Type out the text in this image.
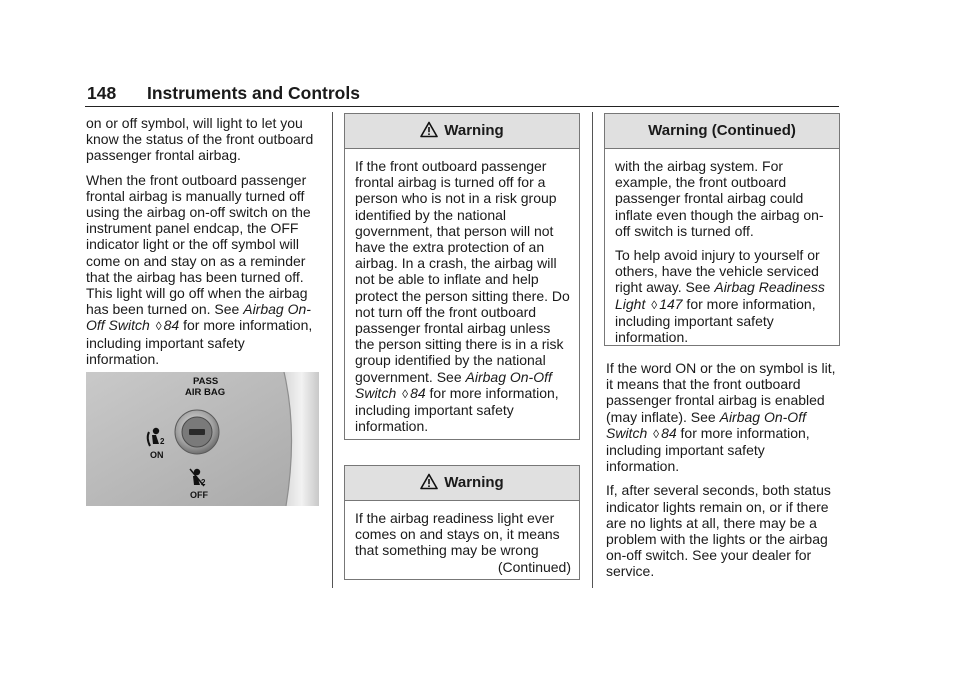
148 Instruments and Controls

on or off symbol, will light to let you know the status of the front outboard passenger frontal airbag.

When the front outboard passenger frontal airbag is manually turned off using the airbag on-off switch on the instrument panel endcap, the OFF indicator light or the off symbol will come on and stay on as a reminder that the airbag has been turned off. This light will go off when the airbag has been turned on. See Airbag On-Off Switch ◊ 84 for more information, including important safety information.

PASS
AIR BAG
2
ON
2
OFF
Warning
If the front outboard passenger frontal airbag is turned off for a person who is not in a risk group identified by the national government, that person will not have the extra protection of an airbag. In a crash, the airbag will not be able to inflate and help protect the person sitting there. Do not turn off the front outboard passenger frontal airbag unless the person sitting there is in a risk group identified by the national government. See Airbag On-Off Switch ◊ 84 for more information, including important safety information.
Warning
If the airbag readiness light ever comes on and stays on, it means that something may be wrong

(Continued)

Warning (Continued)

with the airbag system. For example, the front outboard passenger frontal airbag could inflate even though the airbag on-off switch is turned off.

To help avoid injury to yourself or others, have the vehicle serviced right away. See Airbag Readiness Light ◊ 147 for more information, including important safety information.

If the word ON or the on symbol is lit, it means that the front outboard passenger frontal airbag is enabled (may inflate). See Airbag On-Off Switch ◊ 84 for more information, including important safety information.

If, after several seconds, both status indicator lights remain on, or if there are no lights at all, there may be a problem with the lights or the airbag on-off switch. See your dealer for service.
